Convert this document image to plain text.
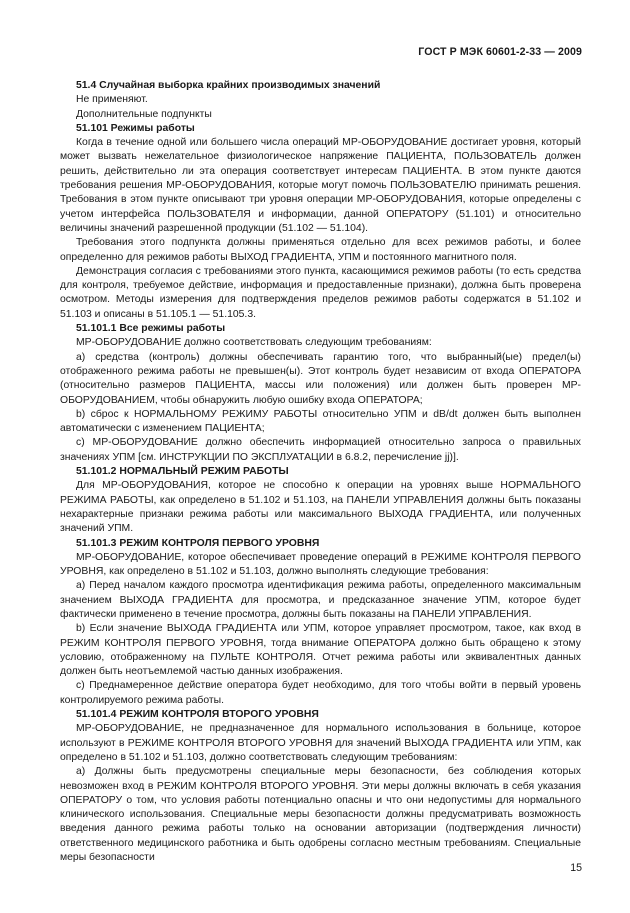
ГОСТ Р МЭК 60601-2-33 — 2009

51.4 Случайная выборка крайних производимых значений

Не применяют.

Дополнительные подпункты

51.101 Режимы работы

Когда в течение одной или большего числа операций МР-ОБОРУДОВАНИЕ достигает уровня, который может вызвать нежелательное физиологическое напряжение ПАЦИЕНТА, ПОЛЬЗОВАТЕЛЬ должен решить, действительно ли эта операция соответствует интересам ПАЦИЕНТА. В этом пункте даются требования решения МР-ОБОРУДОВАНИЯ, которые могут помочь ПОЛЬЗОВАТЕЛЮ принимать решения. Требования в этом пункте описывают три уровня операции МР-ОБОРУДОВАНИЯ, которые определены с учетом интерфейса ПОЛЬЗОВАТЕЛЯ и информации, данной ОПЕРАТОРУ (51.101) и относительно величины значений разрешенной продукции (51.102 — 51.104).

Требования этого подпункта должны применяться отдельно для всех режимов работы, и более определенно для режимов работы ВЫХОД ГРАДИЕНТА, УПМ и постоянного магнитного поля.

Демонстрация согласия с требованиями этого пункта, касающимися режимов работы (то есть средства для контроля, требуемое действие, информация и предоставленные признаки), должна быть проверена осмотром. Методы измерения для подтверждения пределов режимов работы содержатся в 51.102 и 51.103 и описаны в 51.105.1 — 51.105.3.

51.101.1 Все режимы работы

МР-ОБОРУДОВАНИЕ должно соответствовать следующим требованиям:

а) средства (контроль) должны обеспечивать гарантию того, что выбранный(ые) предел(ы) отображенного режима работы не превышен(ы). Этот контроль будет независим от входа ОПЕРАТОРА (относительно размеров ПАЦИЕНТА, массы или положения) или должен быть проверен МР-ОБОРУДОВАНИЕМ, чтобы обнаружить любую ошибку входа ОПЕРАТОРА;

b) сброс к НОРМАЛЬНОМУ РЕЖИМУ РАБОТЫ относительно УПМ и dB/dt должен быть выполнен автоматически с изменением ПАЦИЕНТА;

с) МР-ОБОРУДОВАНИЕ должно обеспечить информацией относительно запроса о правильных значениях УПМ [см. ИНСТРУКЦИИ ПО ЭКСПЛУАТАЦИИ в 6.8.2, перечисление jj)].

51.101.2 НОРМАЛЬНЫЙ РЕЖИМ РАБОТЫ

Для МР-ОБОРУДОВАНИЯ, которое не способно к операции на уровнях выше НОРМАЛЬНОГО РЕЖИМА РАБОТЫ, как определено в 51.102 и 51.103, на ПАНЕЛИ УПРАВЛЕНИЯ должны быть показаны нехарактерные признаки режима работы или максимального ВЫХОДА ГРАДИЕНТА, или полученных значений УПМ.

51.101.3 РЕЖИМ КОНТРОЛЯ ПЕРВОГО УРОВНЯ

МР-ОБОРУДОВАНИЕ, которое обеспечивает проведение операций в РЕЖИМЕ КОНТРОЛЯ ПЕРВОГО УРОВНЯ, как определено в 51.102 и 51.103, должно выполнять следующие требования:

а) Перед началом каждого просмотра идентификация режима работы, определенного максимальным значением ВЫХОДА ГРАДИЕНТА для просмотра, и предсказанное значение УПМ, которое будет фактически применено в течение просмотра, должны быть показаны на ПАНЕЛИ УПРАВЛЕНИЯ.

b) Если значение ВЫХОДА ГРАДИЕНТА или УПМ, которое управляет просмотром, такое, как вход в РЕЖИМ КОНТРОЛЯ ПЕРВОГО УРОВНЯ, тогда внимание ОПЕРАТОРА должно быть обращено к этому условию, отображенному на ПУЛЬТЕ КОНТРОЛЯ. Отчет режима работы или эквивалентных данных должен быть неотъемлемой частью данных изображения.

с) Преднамеренное действие оператора будет необходимо, для того чтобы войти в первый уровень контролируемого режима работы.

51.101.4 РЕЖИМ КОНТРОЛЯ ВТОРОГО УРОВНЯ

МР-ОБОРУДОВАНИЕ, не предназначенное для нормального использования в больнице, которое используют в РЕЖИМЕ КОНТРОЛЯ ВТОРОГО УРОВНЯ для значений ВЫХОДА ГРАДИЕНТА или УПМ, как определено в 51.102 и 51.103, должно соответствовать следующим требованиям:

а) Должны быть предусмотрены специальные меры безопасности, без соблюдения которых невозможен вход в РЕЖИМ КОНТРОЛЯ ВТОРОГО УРОВНЯ. Эти меры должны включать в себя указания ОПЕРАТОРУ о том, что условия работы потенциально опасны и что они недопустимы для нормального клинического использования. Специальные меры безопасности должны предусматривать возможность введения данного режима работы только на основании авторизации (подтверждения личности) ответственного медицинского работника и быть одобрены согласно местным требованиям. Специальные меры безопасности

15
